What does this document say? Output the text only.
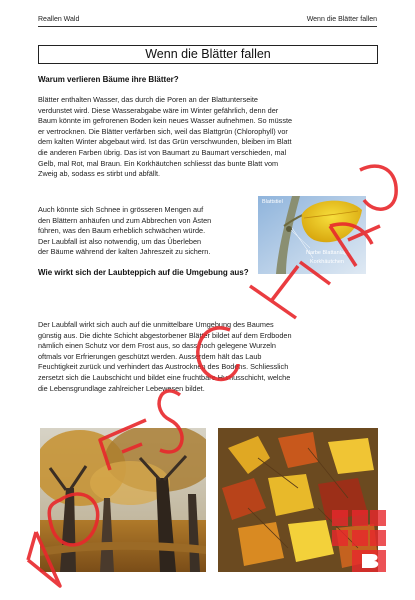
Reallen Wald	Wenn die Blätter fallen
Wenn die Blätter fallen
Warum verlieren Bäume ihre Blätter?
Blätter enthalten Wasser, das durch die Poren an der Blattunterseite
verdunstet wird. Diese Wasserabgabe wäre im Winter gefährlich, denn der
Baum könnte im gefrorenen Boden kein neues Wasser aufnehmen. So müsste
er vertrocknen. Die Blätter verfärben sich, weil das Blattgrün (Chlorophyll) vor
dem kalten Winter abgebaut wird. Ist das Grün verschwunden, bleiben im Blatt
die anderen Farben übrig. Das ist von Baumart zu Baumart verschieden, mal
Gelb, mal Rot, mal Braun. Ein Korkhäutchen schliesst das bunte Blatt vom
Zweig ab, sodass es stirbt und abfällt.
Auch könnte sich Schnee in grösseren Mengen auf
den Blättern anhäufen und zum Abbrechen von Ästen
führen, was den Baum erheblich schwächen würde.
Der Laubfall ist also notwendig, um das Überleben
der Bäume während der kalten Jahreszeit zu sichern.
Blattstiel
Narbe Blattanlage
Korkhäutchen
Wie wirkt sich der Laubteppich auf die Umgebung aus?
Der Laubfall wirkt sich auch auf die unmittelbare Umgebung des Baumes
günstig aus. Die dichte Schicht abgestorbener Blätter bildet auf dem Erdboden
nämlich einen Schutz vor dem Frost aus, so dass hoch gelegene Wurzeln
oftmals vor Erfrierungen geschützt werden. Ausserdem hält das Laub
Feuchtigkeit zurück und verhindert das Austrocknen des Bodens. Schliesslich
zersetzt sich die Laubschicht und bildet eine fruchtbare Humusschicht, welche
die Lebensgrundlage zahlreicher Lebewesen bildet.
